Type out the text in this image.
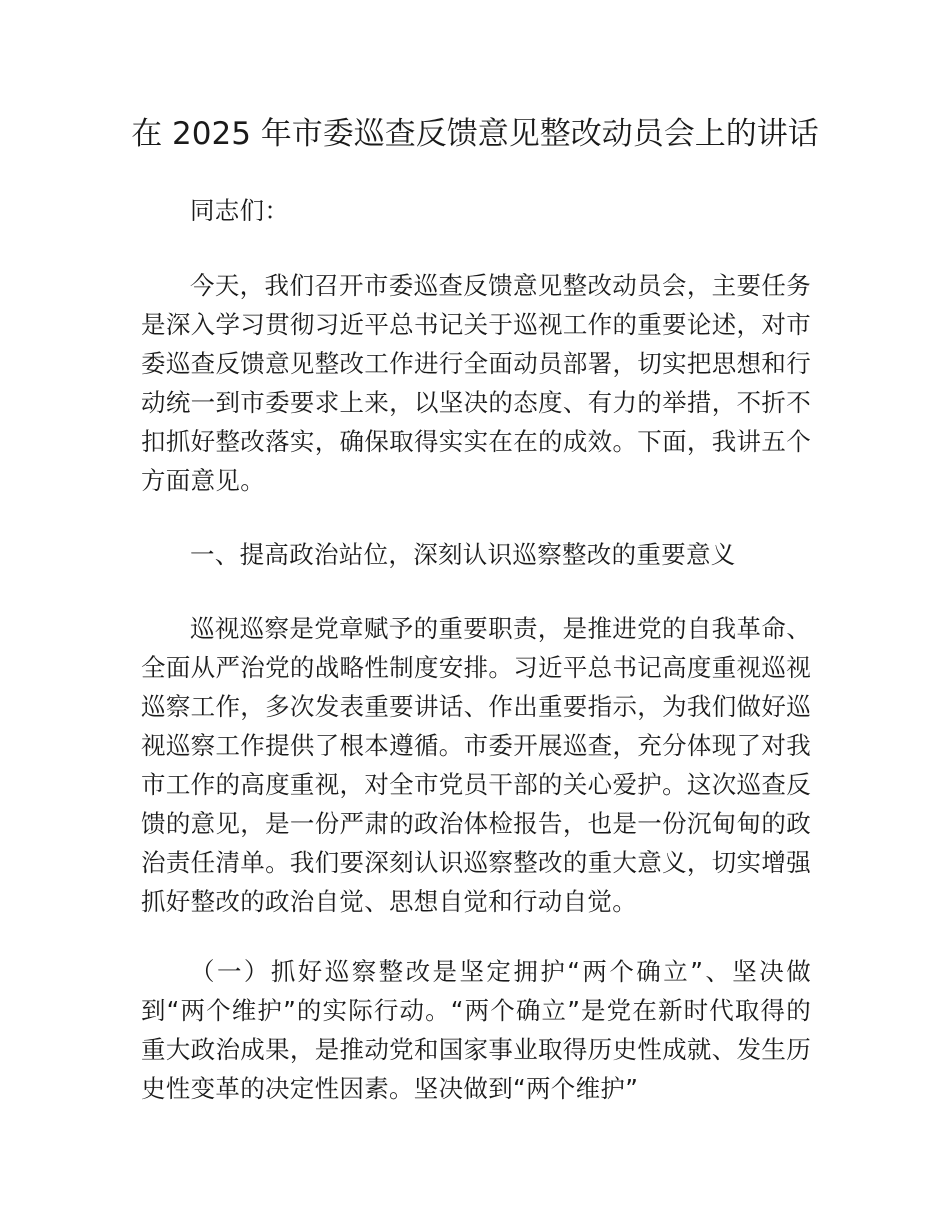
在 2025 年市委巡查反馈意见整改动员会上的讲话

同志们：

今天，我们召开市委巡查反馈意见整改动员会，主要任务是深入学习贯彻习近平总书记关于巡视工作的重要论述，对市委巡查反馈意见整改工作进行全面动员部署，切实把思想和行动统一到市委要求上来，以坚决的态度、有力的举措，不折不扣抓好整改落实，确保取得实实在在的成效。下面，我讲五个方面意见。

一、提高政治站位，深刻认识巡察整改的重要意义

巡视巡察是党章赋予的重要职责，是推进党的自我革命、全面从严治党的战略性制度安排。习近平总书记高度重视巡视巡察工作，多次发表重要讲话、作出重要指示，为我们做好巡视巡察工作提供了根本遵循。市委开展巡查，充分体现了对我市工作的高度重视，对全市党员干部的关心爱护。这次巡查反馈的意见，是一份严肃的政治体检报告，也是一份沉甸甸的政治责任清单。我们要深刻认识巡察整改的重大意义，切实增强抓好整改的政治自觉、思想自觉和行动自觉。

（一）抓好巡察整改是坚定拥护“两个确立”、坚决做到“两个维护”的实际行动。“两个确立”是党在新时代取得的重大政治成果，是推动党和国家事业取得历史性成就、发生历史性变革的决定性因素。坚决做到“两个维护”
